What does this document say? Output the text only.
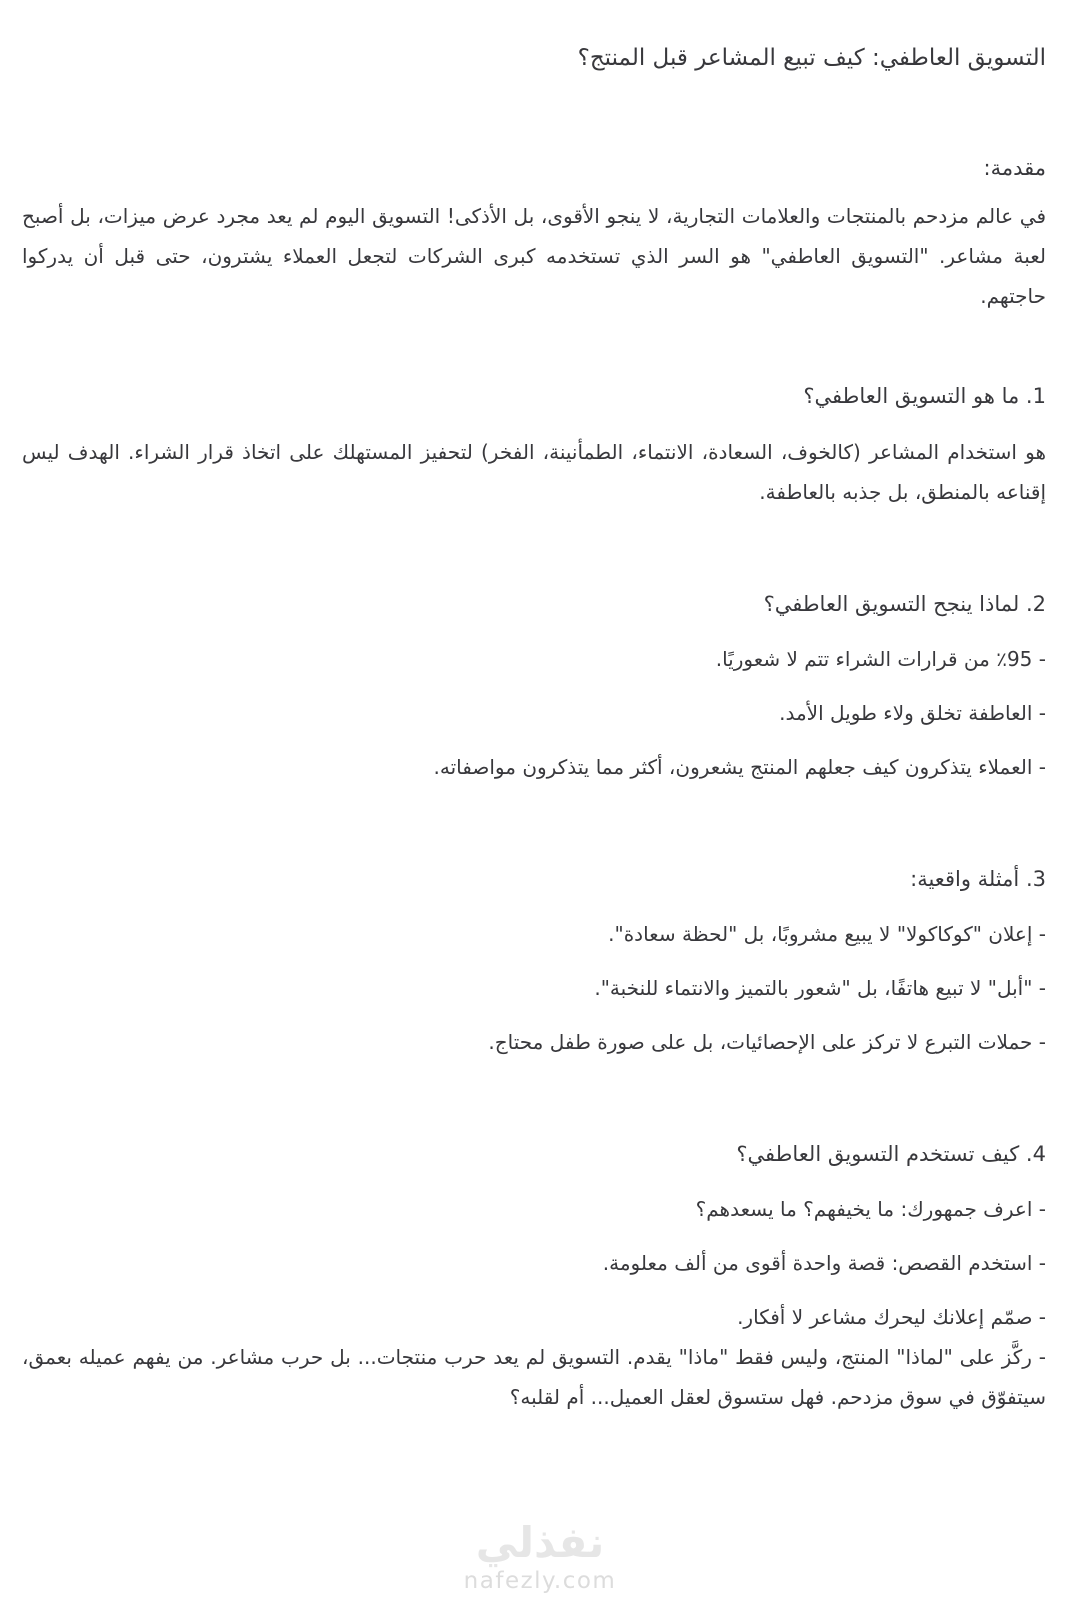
التسويق العاطفي: كيف تبيع المشاعر قبل المنتج؟
مقدمة:

في عالم مزدحم بالمنتجات والعلامات التجارية، لا ينجو الأقوى، بل الأذكى! التسويق اليوم لم يعد مجرد عرض ميزات، بل أصبح لعبة مشاعر. "التسويق العاطفي" هو السر الذي تستخدمه كبرى الشركات لتجعل العملاء يشترون، حتى قبل أن يدركوا حاجتهم.

1. ما هو التسويق العاطفي؟

هو استخدام المشاعر (كالخوف، السعادة، الانتماء، الطمأنينة، الفخر) لتحفيز المستهلك على اتخاذ قرار الشراء. الهدف ليس إقناعه بالمنطق، بل جذبه بالعاطفة.

2. لماذا ينجح التسويق العاطفي؟

- ٪95 من قرارات الشراء تتم لا شعوريًا.

- العاطفة تخلق ولاء طويل الأمد.

- العملاء يتذكرون كيف جعلهم المنتج يشعرون، أكثر مما يتذكرون مواصفاته.

3. أمثلة واقعية:

- إعلان "كوكاكولا" لا يبيع مشروبًا، بل "لحظة سعادة".

- "أبل" لا تبيع هاتفًا، بل "شعور بالتميز والانتماء للنخبة".

- حملات التبرع لا تركز على الإحصائيات، بل على صورة طفل محتاج.

4. كيف تستخدم التسويق العاطفي؟

- اعرف جمهورك: ما يخيفهم؟ ما يسعدهم؟

- استخدم القصص: قصة واحدة أقوى من ألف معلومة.

- صمّم إعلانك ليحرك مشاعر لا أفكار.

- ركَّز على "لماذا" المنتج، وليس فقط "ماذا" يقدم. التسويق لم يعد حرب منتجات... بل حرب مشاعر. من يفهم عميله بعمق، سيتفوّق في سوق مزدحم. فهل ستسوق لعقل العميل... أم لقلبه؟

نفذلي
nafezly.com
